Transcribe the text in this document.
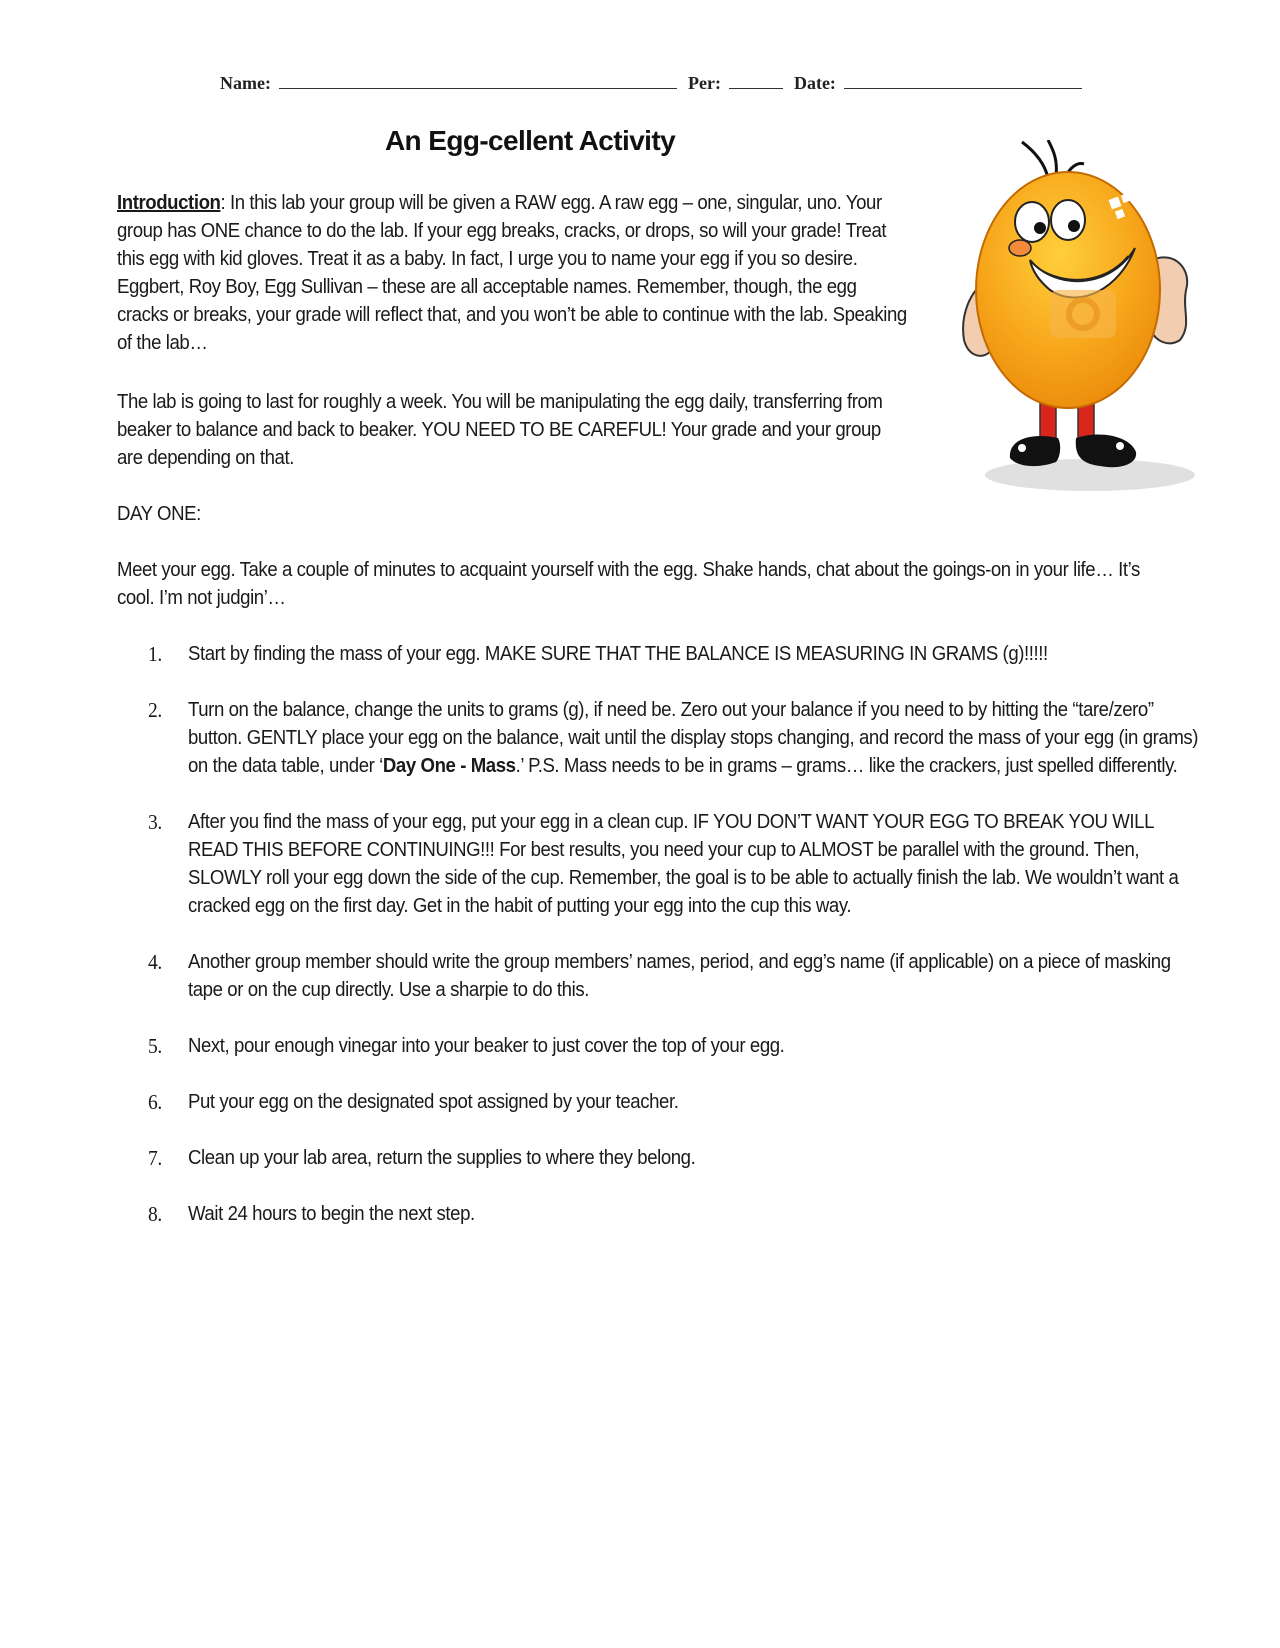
Name:	Per:	Date:
An Egg-cellent Activity
Introduction: In this lab your group will be given a RAW egg. A raw egg – one, singular, uno. Your group has ONE chance to do the lab. If your egg breaks, cracks, or drops, so will your grade! Treat this egg with kid gloves. Treat it as a baby. In fact, I urge you to name your egg if you so desire. Eggbert, Roy Boy, Egg Sullivan – these are all acceptable names. Remember, though, the egg cracks or breaks, your grade will reflect that, and you won’t be able to continue with the lab. Speaking of the lab…
The lab is going to last for roughly a week. You will be manipulating the egg daily, transferring from beaker to balance and back to beaker. YOU NEED TO BE CAREFUL! Your grade and your group are depending on that.
DAY ONE:
Meet your egg. Take a couple of minutes to acquaint yourself with the egg. Shake hands, chat about the goings-on in your life… It’s cool. I’m not judgin’…
1.	Start by finding the mass of your egg. MAKE SURE THAT THE BALANCE IS MEASURING IN GRAMS (g)!!!!!
2.	Turn on the balance, change the units to grams (g), if need be. Zero out your balance if you need to by hitting the “tare/zero” button. GENTLY place your egg on the balance, wait until the display stops changing, and record the mass of your egg (in grams) on the data table, under ‘Day One - Mass.’ P.S. Mass needs to be in grams – grams… like the crackers, just spelled differently.
3.	After you find the mass of your egg, put your egg in a clean cup. IF YOU DON’T WANT YOUR EGG TO BREAK YOU WILL READ THIS BEFORE CONTINUING!!! For best results, you need your cup to ALMOST be parallel with the ground. Then, SLOWLY roll your egg down the side of the cup. Remember, the goal is to be able to actually finish the lab. We wouldn’t want a cracked egg on the first day. Get in the habit of putting your egg into the cup this way.
4.	Another group member should write the group members’ names, period, and egg’s name (if applicable) on a piece of masking tape or on the cup directly. Use a sharpie to do this.
5.	Next, pour enough vinegar into your beaker to just cover the top of your egg.
6.	Put your egg on the designated spot assigned by your teacher.
7.	Clean up your lab area, return the supplies to where they belong.
8.	Wait 24 hours to begin the next step.
